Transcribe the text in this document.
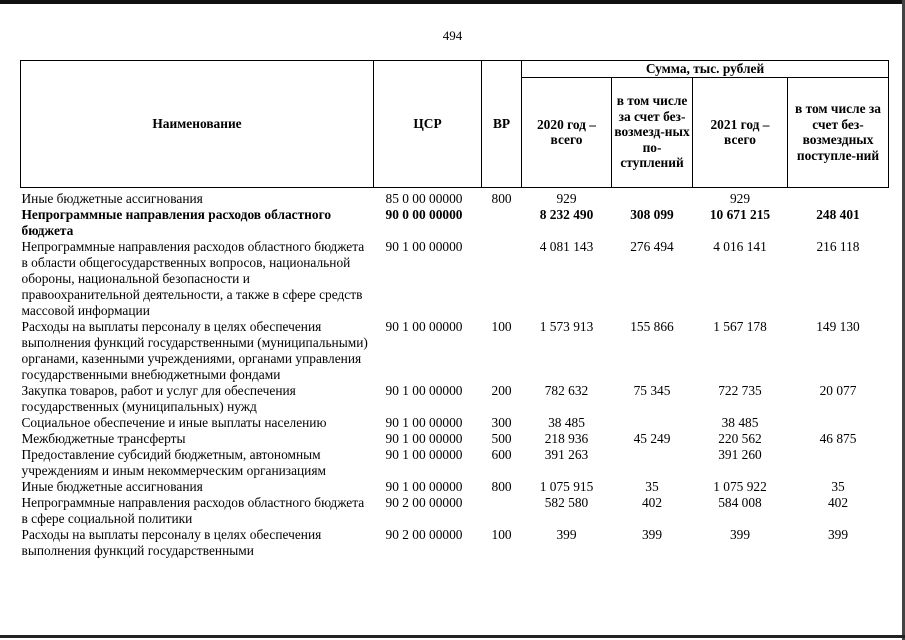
494
Наименование	ЦСР	ВР	Сумма, тыс. рублей			
			2020 год – всего	в том числе за счет без-возмезд-ных по-ступлений	2021 год – всего	в том числе за счет без-возмездных поступле-ний

Иные бюджетные ассигнования	85 0 00 00000	800	929		929	
Непрограммные направления расходов областного бюджета	90 0 00 00000		8 232 490	308 099	10 671 215	248 401
Непрограммные направления расходов областного бюджета в области общегосударственных вопросов, национальной обороны, национальной безопасности и правоохранительной деятельности, а также в сфере средств массовой информации	90 1 00 00000		4 081 143	276 494	4 016 141	216 118
Расходы на выплаты персоналу в целях обеспечения выполнения функций государственными (муниципальными) органами, казенными учреждениями, органами управления государственными внебюджетными фондами	90 1 00 00000	100	1 573 913	155 866	1 567 178	149 130
Закупка товаров, работ и услуг для обеспечения государственных (муниципальных) нужд	90 1 00 00000	200	782 632	75 345	722 735	20 077
Социальное обеспечение и иные выплаты населению	90 1 00 00000	300	38 485		38 485	
Межбюджетные трансферты	90 1 00 00000	500	218 936	45 249	220 562	46 875
Предоставление субсидий бюджетным, автономным учреждениям и иным некоммерческим организациям	90 1 00 00000	600	391 263		391 260	
Иные бюджетные ассигнования	90 1 00 00000	800	1 075 915	35	1 075 922	35
Непрограммные направления расходов областного бюджета в сфере социальной политики	90 2 00 00000		582 580	402	584 008	402
Расходы на выплаты персоналу в целях обеспечения выполнения функций государственными	90 2 00 00000	100	399	399	399	399
